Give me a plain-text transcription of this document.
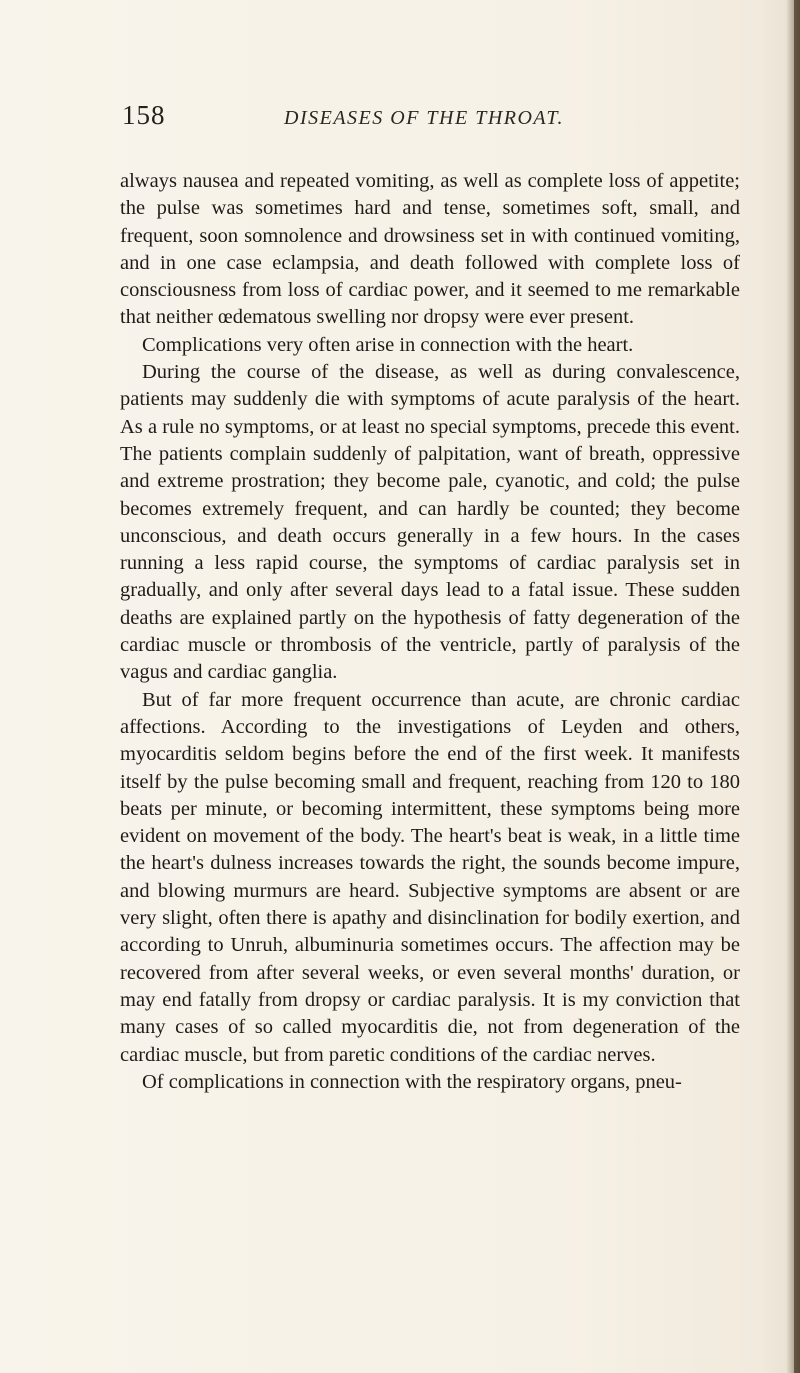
158	DISEASES OF THE THROAT.

always nausea and repeated vomiting, as well as complete loss of appetite; the pulse was sometimes hard and tense, sometimes soft, small, and frequent, soon somnolence and drowsiness set in with continued vomiting, and in one case eclampsia, and death followed with complete loss of consciousness from loss of cardiac power, and it seemed to me remarkable that neither œdematous swelling nor dropsy were ever present.

Complications very often arise in connection with the heart.

During the course of the disease, as well as during convalescence, patients may suddenly die with symptoms of acute paralysis of the heart. As a rule no symptoms, or at least no special symptoms, precede this event. The patients complain suddenly of palpitation, want of breath, oppressive and extreme prostration; they become pale, cyanotic, and cold; the pulse becomes extremely frequent, and can hardly be counted; they become unconscious, and death occurs generally in a few hours. In the cases running a less rapid course, the symptoms of cardiac paralysis set in gradually, and only after several days lead to a fatal issue. These sudden deaths are explained partly on the hypothesis of fatty degeneration of the cardiac muscle or thrombosis of the ventricle, partly of paralysis of the vagus and cardiac ganglia.

But of far more frequent occurrence than acute, are chronic cardiac affections. According to the investigations of Leyden and others, myocarditis seldom begins before the end of the first week. It manifests itself by the pulse becoming small and frequent, reaching from 120 to 180 beats per minute, or becoming intermittent, these symptoms being more evident on movement of the body. The heart's beat is weak, in a little time the heart's dulness increases towards the right, the sounds become impure, and blowing murmurs are heard. Subjective symptoms are absent or are very slight, often there is apathy and disinclination for bodily exertion, and according to Unruh, albuminuria sometimes occurs. The affection may be recovered from after several weeks, or even several months' duration, or may end fatally from dropsy or cardiac paralysis. It is my conviction that many cases of so called myocarditis die, not from degeneration of the cardiac muscle, but from paretic conditions of the cardiac nerves.

Of complications in connection with the respiratory organs, pneu-
